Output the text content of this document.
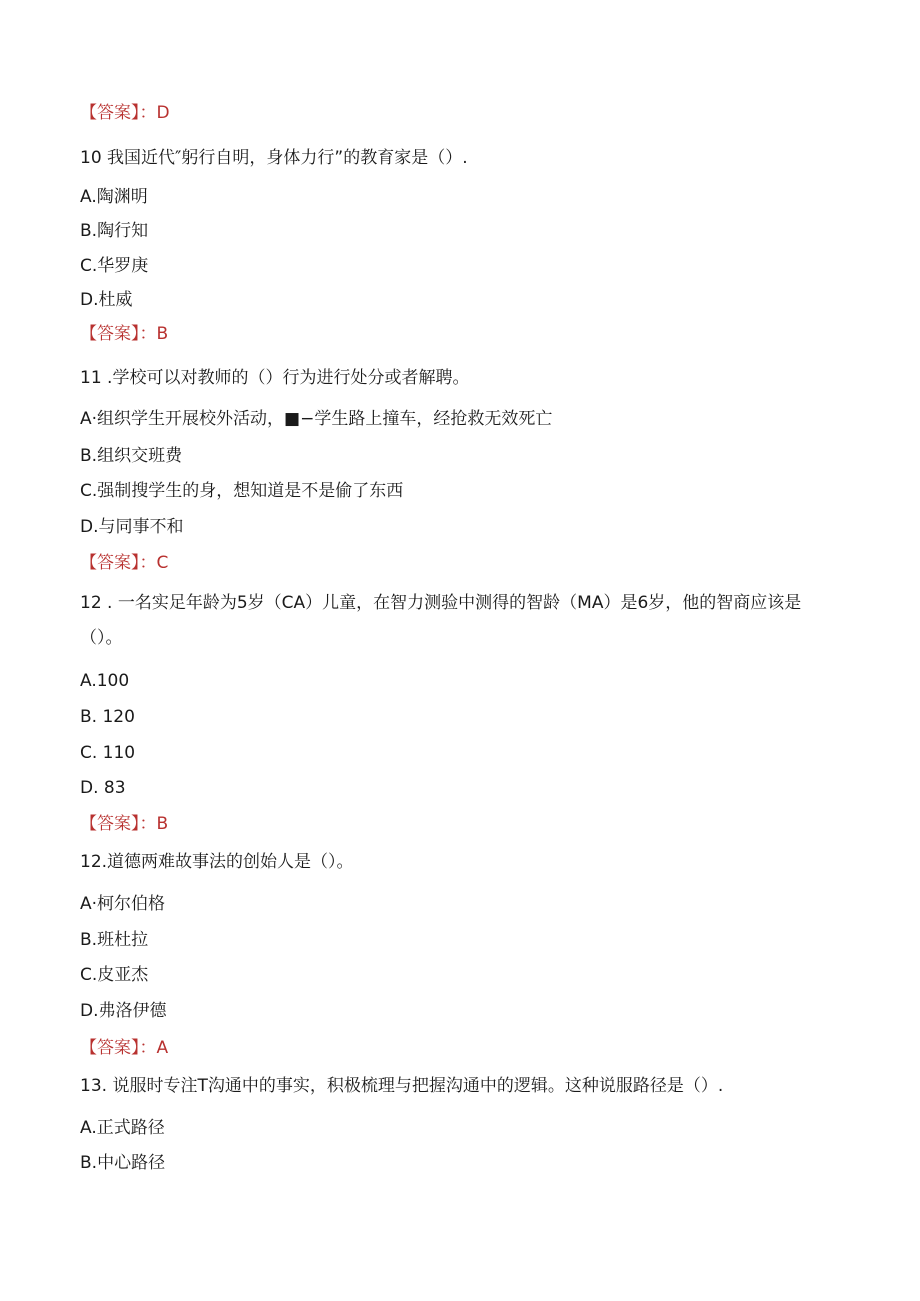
【答案】：D
10 我国近代″躬行自明，身体力行”的教育家是（）.
A.陶渊明
B.陶行知
C.华罗庚
D.杜威
【答案】：B
11 .学校可以对教师的（）行为进行处分或者解聘。
A·组织学生开展校外活动，■−学生路上撞车，经抢救无效死亡
B.组织交班费
C.强制搜学生的身，想知道是不是偷了东西
D.与同事不和
【答案】：C
12 . 一名实足年龄为5岁（CA）儿童，在智力测验中测得的智龄（MA）是6岁，他的智商应该是
（）。
A.100
B. 120
C. 110
D. 83
【答案】：B
12.道德两难故事法的创始人是（）。
A·柯尔伯格
B.班杜拉
C.皮亚杰
D.弗洛伊德
【答案】：A
13. 说服时专注T沟通中的事实，积极梳理与把握沟通中的逻辑。这种说服路径是（）.
A.正式路径
B.中心路径
